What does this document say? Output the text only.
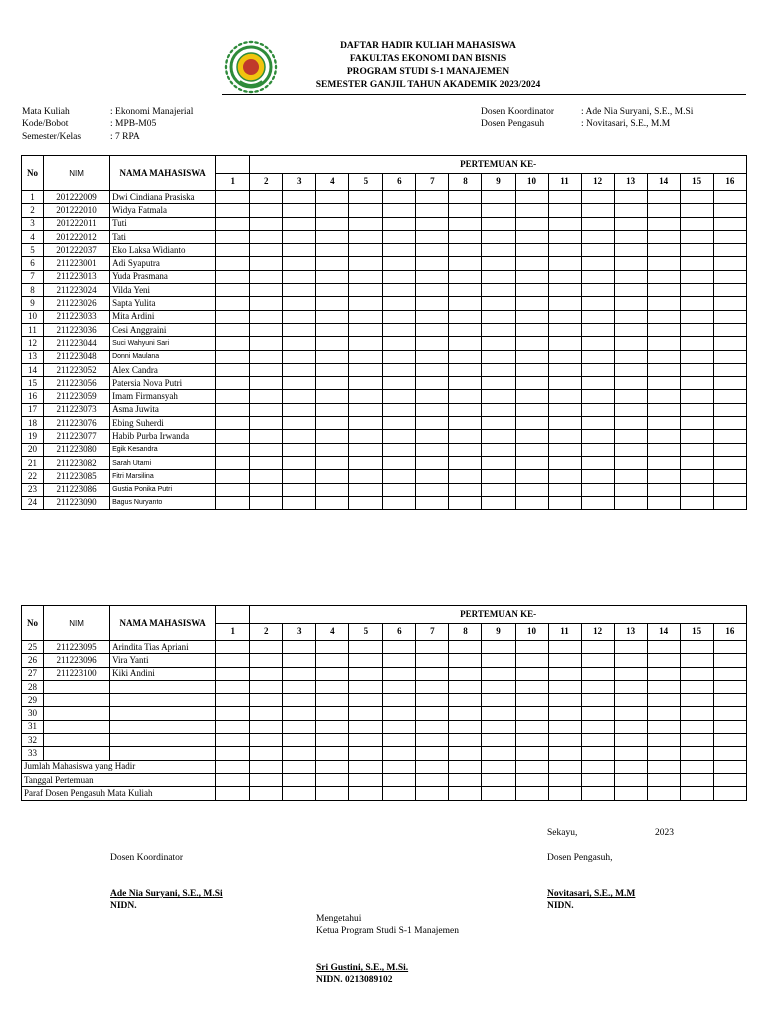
DAFTAR HADIR KULIAH MAHASISWA
FAKULTAS EKONOMI DAN BISNIS
PROGRAM STUDI S-1 MANAJEMEN
SEMESTER GANJIL TAHUN AKADEMIK 2023/2024
Mata Kuliah	: Ekonomi Manajerial
Kode/Bobot	: MPB-M05
Semester/Kelas	: 7 RPA
Dosen Koordinator	: Ade Nia Suryani, S.E., M.Si
Dosen Pengasuh	: Novitasari, S.E., M.M
No	NIM	NAMA MAHASISWA		PERTEMUAN KE-														
			1	2	3	4	5	6	7	8	9	10	11	12	13	14	15	16
1	201222009	Dwi Cindiana Prasiska																
2	201222010	Widya Fatmala																
3	201222011	Tuti																
4	201222012	Tati																
5	201222037	Eko Laksa Widianto																
6	211223001	Adi Syaputra																
7	211223013	Yuda Prasmana																
8	211223024	Vilda Yeni																
9	211223026	Sapta Yulita																
10	211223033	Mita Ardini																
11	211223036	Cesi Anggraini																
12	211223044	Suci Wahyuni Sari																
13	211223048	Donni Maulana																
14	211223052	Alex Candra																
15	211223056	Patersia Nova Putri																
16	211223059	Imam Firmansyah																
17	211223073	Asma Juwita																
18	211223076	Ebing Suherdi																
19	211223077	Habib Purba Irwanda																
20	211223080	Egik Kesandra																
21	211223082	Sarah Utami																
22	211223085	Fitri Marsilina																
23	211223086	Gustia Ponika Putri																
24	211223090	Bagus Nuryanto																
No	NIM	NAMA MAHASISWA		PERTEMUAN KE-														
			1	2	3	4	5	6	7	8	9	10	11	12	13	14	15	16
25	211223095	Arindita Tias Apriani																
26	211223096	Vira Yanti																
27	211223100	Kiki Andini																
28																		
29																		
30																		
31																		
32																		
33																		
Jumlah Mahasiswa yang Hadir																		
Tanggal Pertemuan																		
Paraf Dosen Pengasuh Mata Kuliah																		
Sekayu,	2023
Dosen Koordinator	Dosen Pengasuh,
Ade Nia Suryani, S.E., M.Si
NIDN.
Novitasari, S.E., M.M
NIDN.
Mengetahui
Ketua Program Studi S-1 Manajemen
Sri Gustini, S.E., M.Si.
NIDN. 0213089102
